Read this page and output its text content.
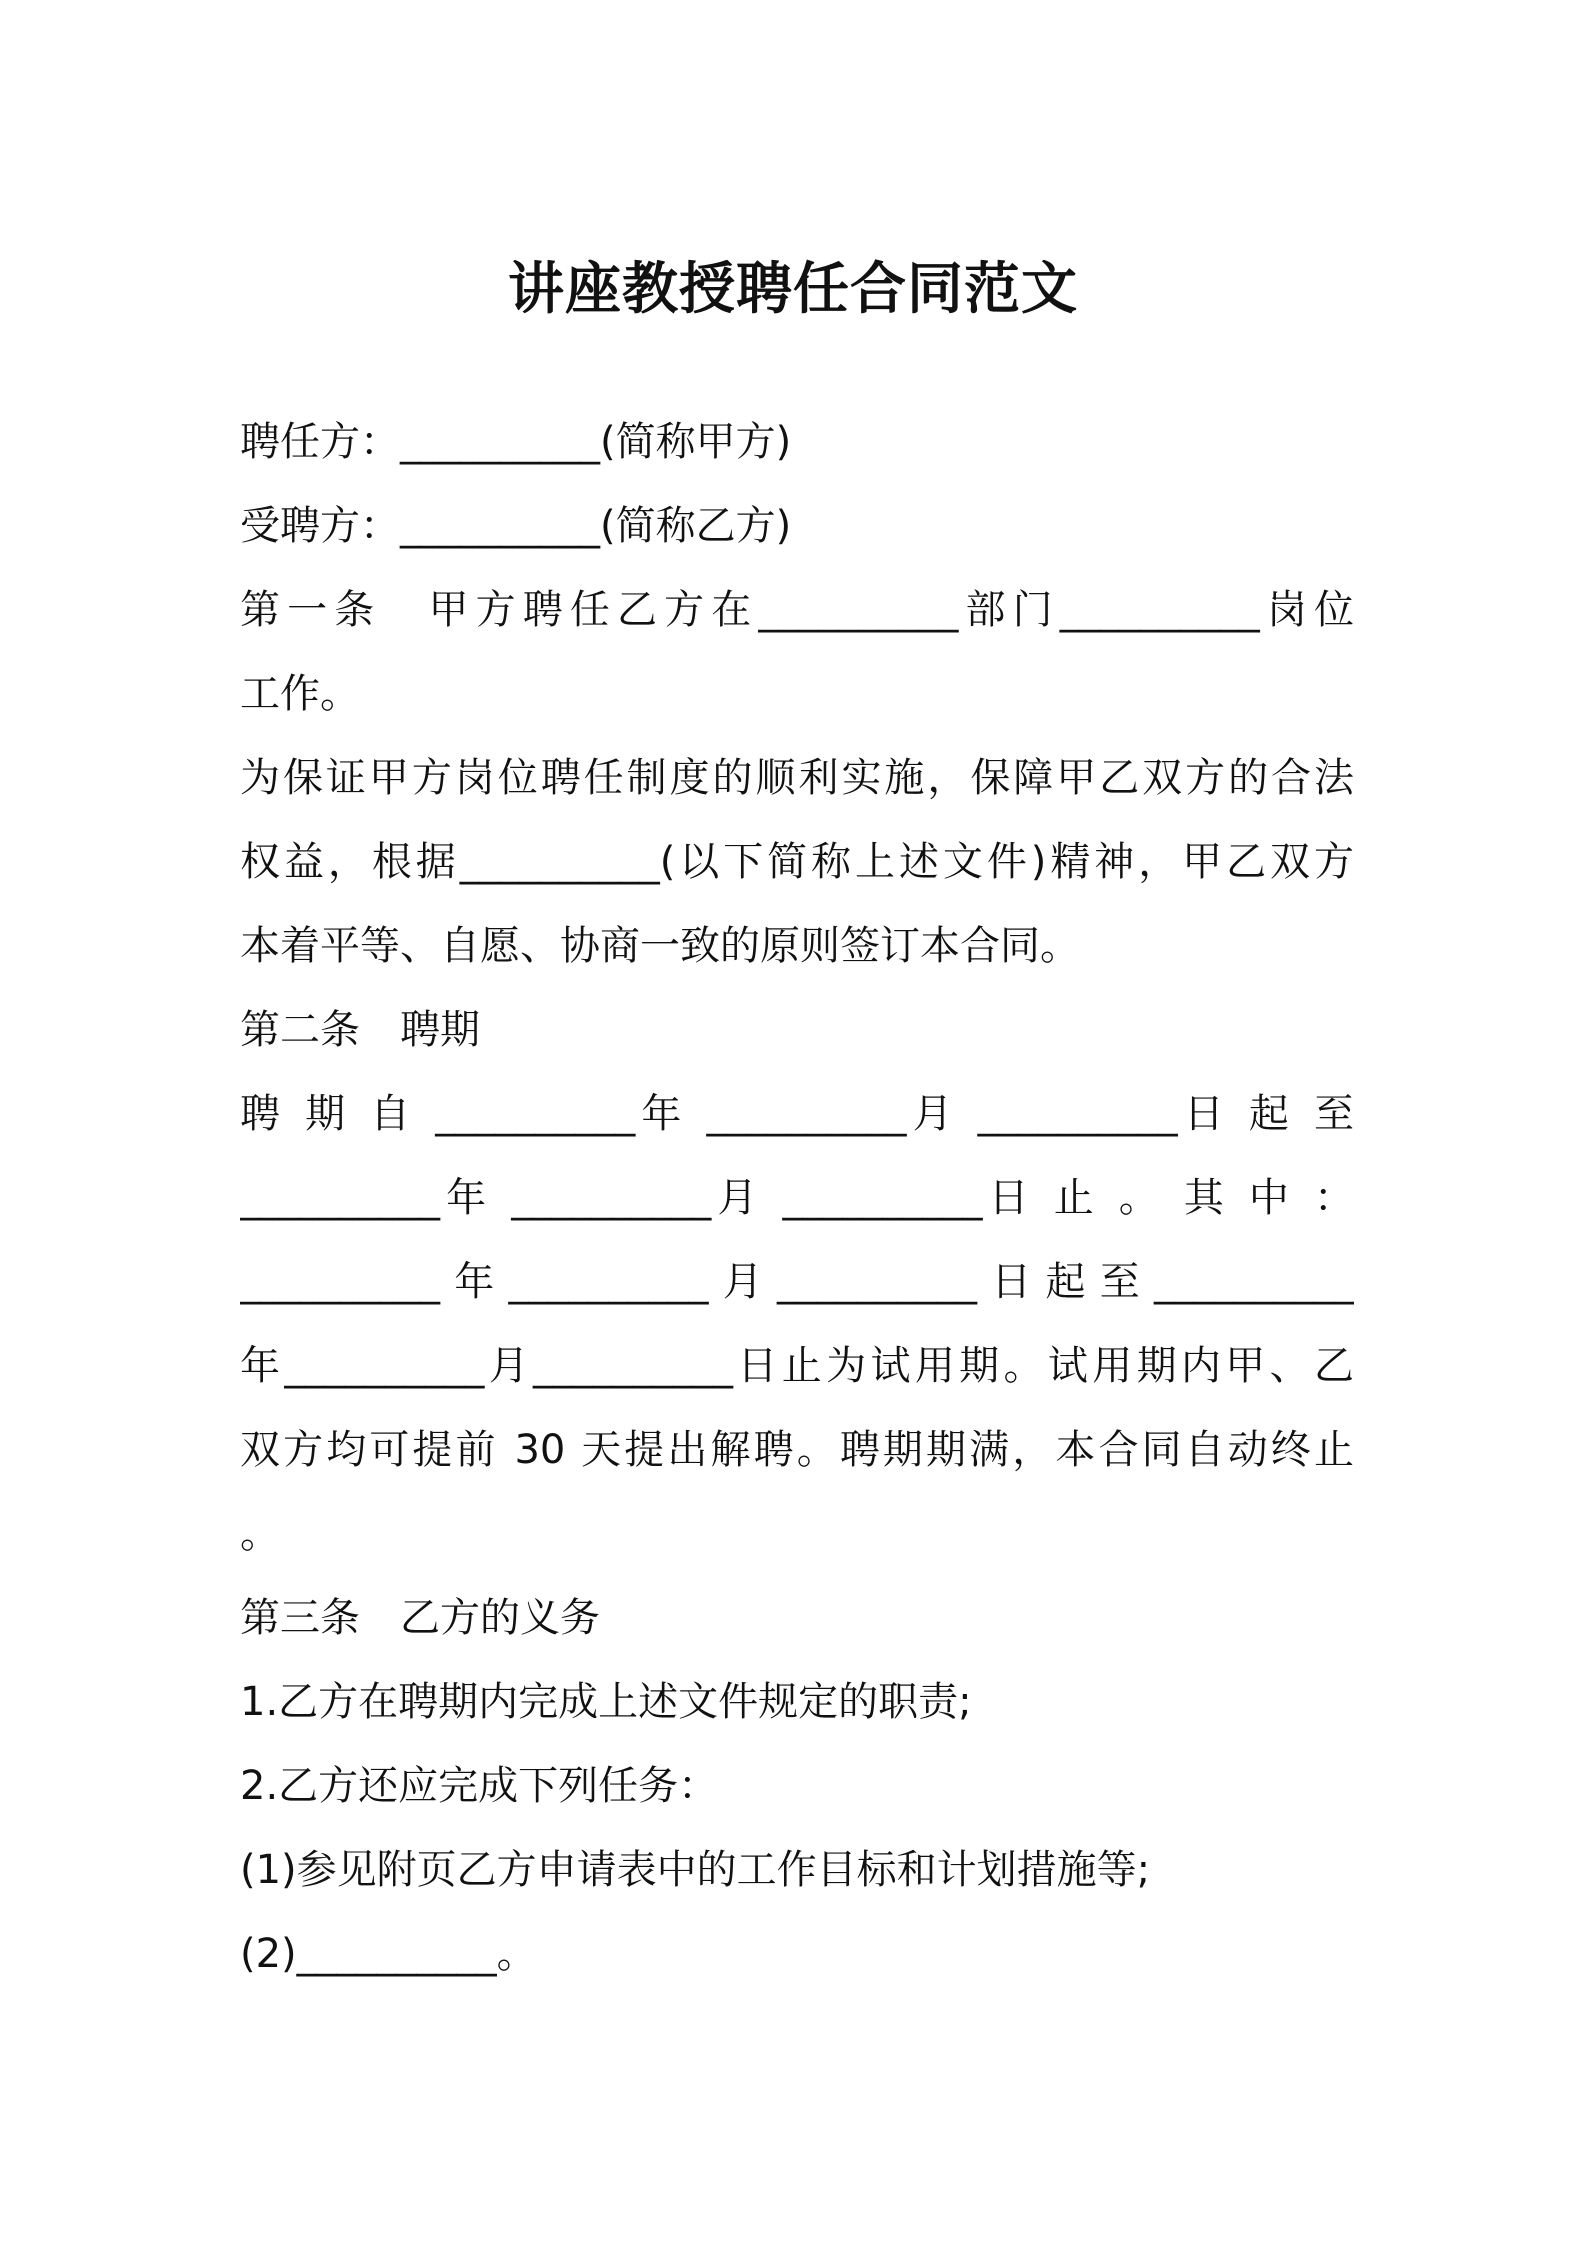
讲座教授聘任合同范文
聘任方：__________(简称甲方)
受聘方：__________(简称乙方)
第一条　甲方聘任乙方在__________部门__________岗位
工作。
为保证甲方岗位聘任制度的顺利实施，保障甲乙双方的合法
权益，根据__________(以下简称上述文件)精神，甲乙双方
本着平等、自愿、协商一致的原则签订本合同。
第二条　聘期
聘 期 自 __________年 __________月 __________日 起 至
__________年 __________月 __________日 止 。 其 中 ：
__________年__________月__________日起至__________
年__________月__________日止为试用期。试用期内甲、乙
双方均可提前 30 天提出解聘。聘期期满，本合同自动终止
。
第三条　乙方的义务
1.乙方在聘期内完成上述文件规定的职责;
2.乙方还应完成下列任务：
(1)参见附页乙方申请表中的工作目标和计划措施等;
(2)__________。
